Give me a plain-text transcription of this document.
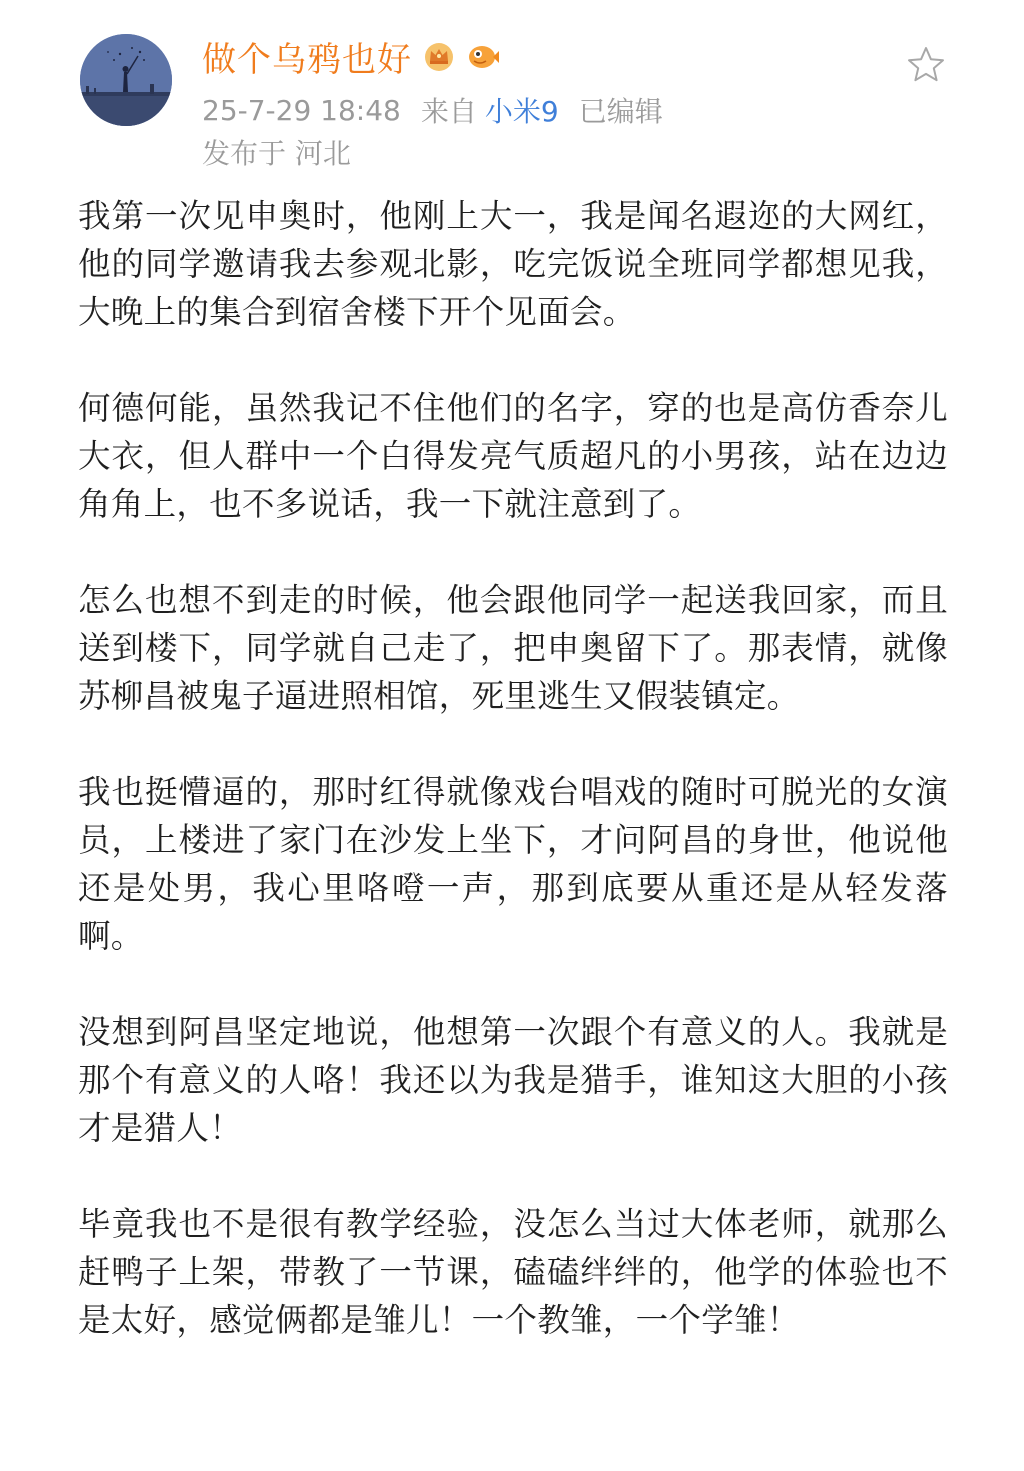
做个乌鸦也好
25-7-29 18:48 来自 小米9 已编辑
发布于 河北

我第一次见申奥时，他刚上大一，我是闻名遐迩的大网红，他的同学邀请我去参观北影，吃完饭说全班同学都想见我，大晚上的集合到宿舍楼下开个见面会。

何德何能，虽然我记不住他们的名字，穿的也是高仿香奈儿大衣，但人群中一个白得发亮气质超凡的小男孩，站在边边角角上，也不多说话，我一下就注意到了。

怎么也想不到走的时候，他会跟他同学一起送我回家，而且送到楼下，同学就自己走了，把申奥留下了。那表情，就像苏柳昌被鬼子逼进照相馆，死里逃生又假装镇定。

我也挺懵逼的，那时红得就像戏台唱戏的随时可脱光的女演员，上楼进了家门在沙发上坐下，才问阿昌的身世，他说他还是处男，我心里咯噔一声，那到底要从重还是从轻发落啊。

没想到阿昌坚定地说，他想第一次跟个有意义的人。我就是那个有意义的人咯！我还以为我是猎手，谁知这大胆的小孩才是猎人！

毕竟我也不是很有教学经验，没怎么当过大体老师，就那么赶鸭子上架，带教了一节课，磕磕绊绊的，他学的体验也不是太好，感觉俩都是雏儿！一个教雏，一个学雏！
